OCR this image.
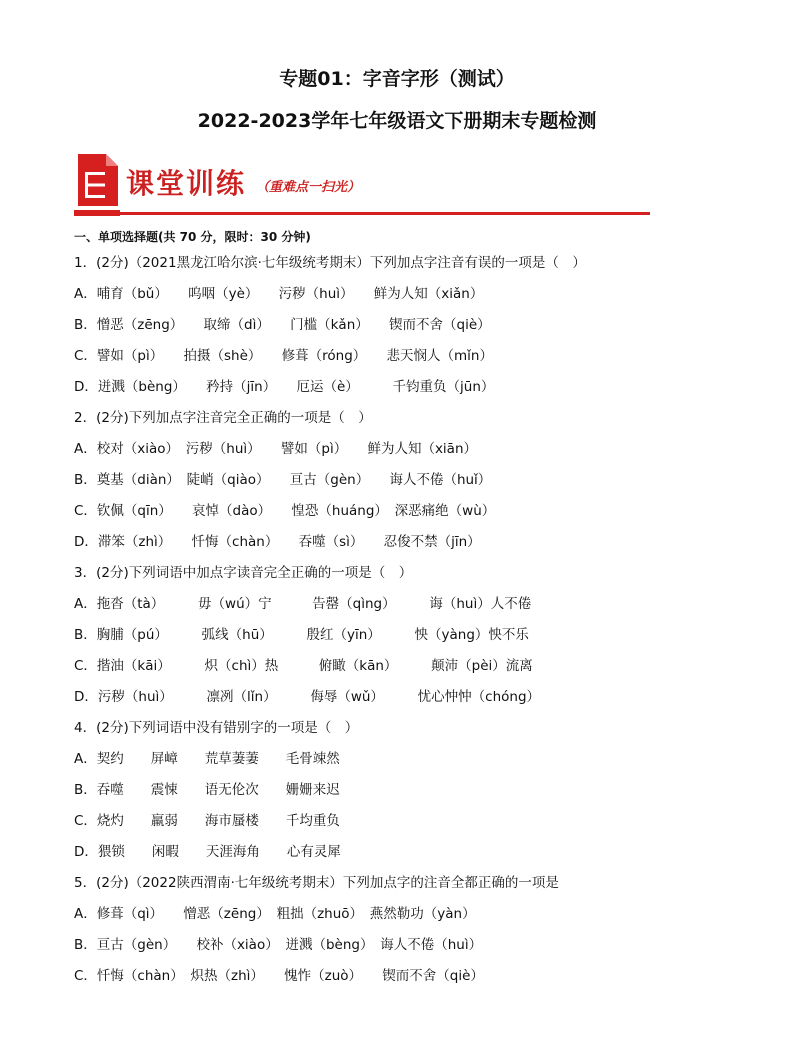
专题01：字音字形（测试）
2022-2023学年七年级语文下册期末专题检测
课堂训练 （重难点一扫光）
一、单项选择题(共 70 分，限时：30 分钟)
1．(2分)（2021黑龙江哈尔滨·七年级统考期末）下列加点字注音有误的一项是（　）
A．哺育（bǔ）　　呜咽（yè）　　污秽（huì）　　鲜为人知（xiǎn）
B．憎恶（zēng）　　取缔（dì）　　门槛（kǎn）　　锲而不舍（qiè）
C．譬如（pì）　　拍摄（shè）　　修葺（róng）　　悲天悯人（mǐn）
D．迸溅（bèng）　　矜持（jīn）　　厄运（è）　　　千钧重负（jūn）
2．(2分)下列加点字注音完全正确的一项是（　）
A．校对（xiào）　污秽（huì）　　譬如（pì）　　鲜为人知（xiān）
B．奠基（diàn）　陡峭（qiào）　　亘古（gèn）　　诲人不倦（huǐ）
C．钦佩（qīn）　　哀悼（dào）　　惶恐（huáng）　深恶痛绝（wù）
D．滞笨（zhì）　　忏悔（chàn）　　吞噬（sì）　　忍俊不禁（jīn）
3．(2分)下列词语中加点字读音完全正确的一项是（　）
A．拖沓（tà）　　　毋（wú）宁　　　告罄（qìng）　　　诲（huì）人不倦
B．胸脯（pú）　　　弧线（hū）　　　殷红（yīn）　　　怏（yàng）怏不乐
C．揩油（kāi）　　　炽（chì）热　　　俯瞰（kān）　　　颠沛（pèi）流离
D．污秽（huì）　　　凛冽（lǐn）　　　侮辱（wǔ）　　　忧心忡忡（chóng）
4．(2分)下列词语中没有错别字的一项是（　）
A．契约　　屏嶂　　荒草萋萋　　毛骨竦然
B．吞噬　　震悚　　语无伦次　　姗姗来迟
C．烧灼　　羸弱　　海市蜃楼　　千均重负
D．猥锁　　闲暇　　天涯海角　　心有灵犀
5．(2分)（2022陕西渭南·七年级统考期末）下列加点字的注音全都正确的一项是
A．修葺（qì）　　憎恶（zēng）　粗拙（zhuō）　燕然勒功（yàn）
B．亘古（gèn）　　校补（xiào）　迸溅（bèng）　诲人不倦（huì）
C．忏悔（chàn）　炽热（zhì）　　愧怍（zuò）　　锲而不舍（qiè）
